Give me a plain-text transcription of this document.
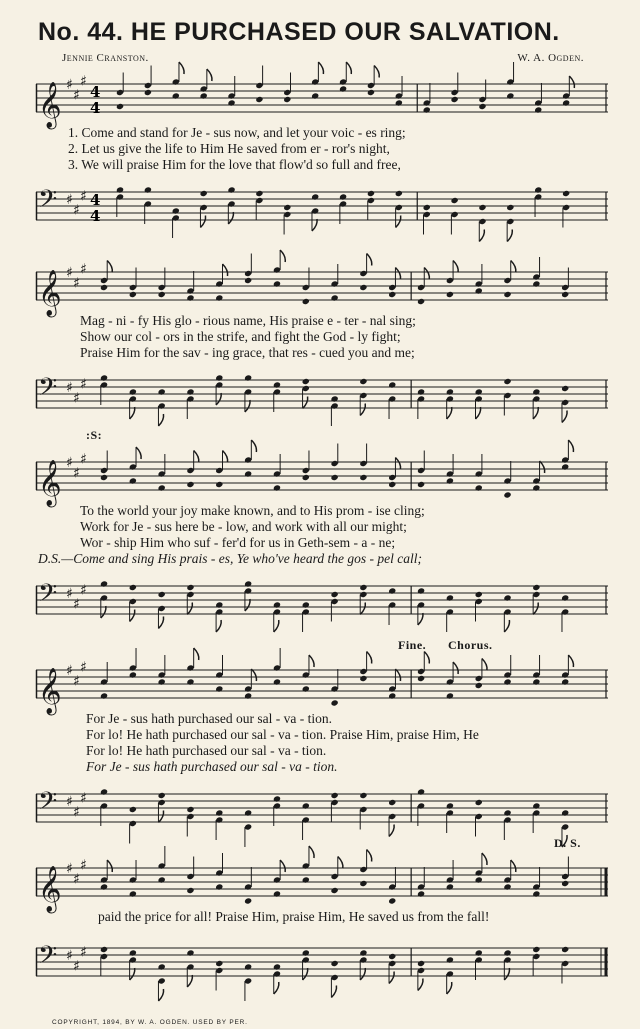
No. 44. HE PURCHASED OUR SALVATION.
Jennie Cranston.	W. A. Ogden.
𝄞 ♯
♯
♯
4
4
1. Come and stand for Je - sus now, and let your voic - es ring;
2. Let us give the life to Him He saved from er - ror's night,
3. We will praise Him for the love that flow'd so full and free,
𝄢 ♯
♯
♯ 4
4
𝄞 ♯
♯
♯
Mag - ni - fy His glo - rious name, His praise e - ter - nal sing;
Show our col - ors in the strife, and fight the God - ly fight;
Praise Him for the sav - ing grace, that res - cued you and me;
𝄢 ♯
♯
♯
:S:
𝄞 ♯
♯
♯
To the world your joy make known, and to His prom - ise cling;
Work for Je - sus here be - low, and work with all our might;
Wor - ship Him who suf - fer'd for us in Geth-sem - a - ne;
D.S.—Come and sing His prais - es, Ye who've heard the gos - pel call;
𝄢 ♯
♯
♯
Fine. Chorus.
𝄞 ♯
♯
♯
For Je - sus hath purchased our sal - va - tion.
For lo! He hath purchased our sal - va - tion. Praise Him, praise Him, He
For lo! He hath purchased our sal - va - tion.
For Je - sus hath purchased our sal - va - tion.
𝄢 ♯
♯
♯
D. S.
𝄞 ♯
♯
♯
paid the price for all! Praise Him, praise Him, He saved us from the fall!
𝄢 ♯
♯
♯
COPYRIGHT, 1894, BY W. A. OGDEN. USED BY PER.
